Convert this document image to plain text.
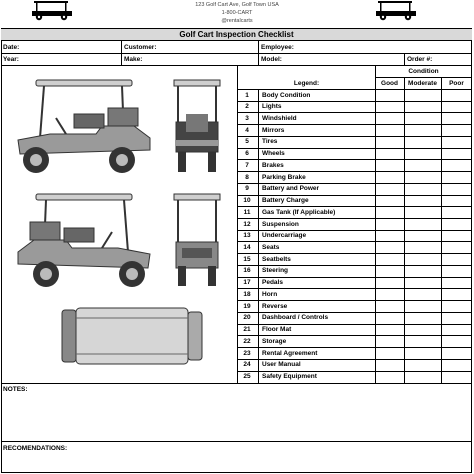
123 Golf Cart Ave, Golf Town USA
1-800-CART
@rentalcarts
Golf Cart Inspection Checklist
Date:	Customer:	Employee:
Year:	Make:	Model:	Order #:
Condition
Legend:	Good	Moderate	Poor
1	Body Condition
2	Lights
3	Windshield
4	Mirrors
5	Tires
6	Wheels
7	Brakes
8	Parking Brake
9	Battery and Power
10	Battery Charge
11	Gas Tank (If Applicable)
12	Suspension
13	Undercarriage
14	Seats
15	Seatbelts
16	Steering
17	Pedals
18	Horn
19	Reverse
20	Dashboard / Controls
21	Floor Mat
22	Storage
23	Rental Agreement
24	User Manual
25	Safety Equipment
NOTES:
RECOMENDATIONS:
